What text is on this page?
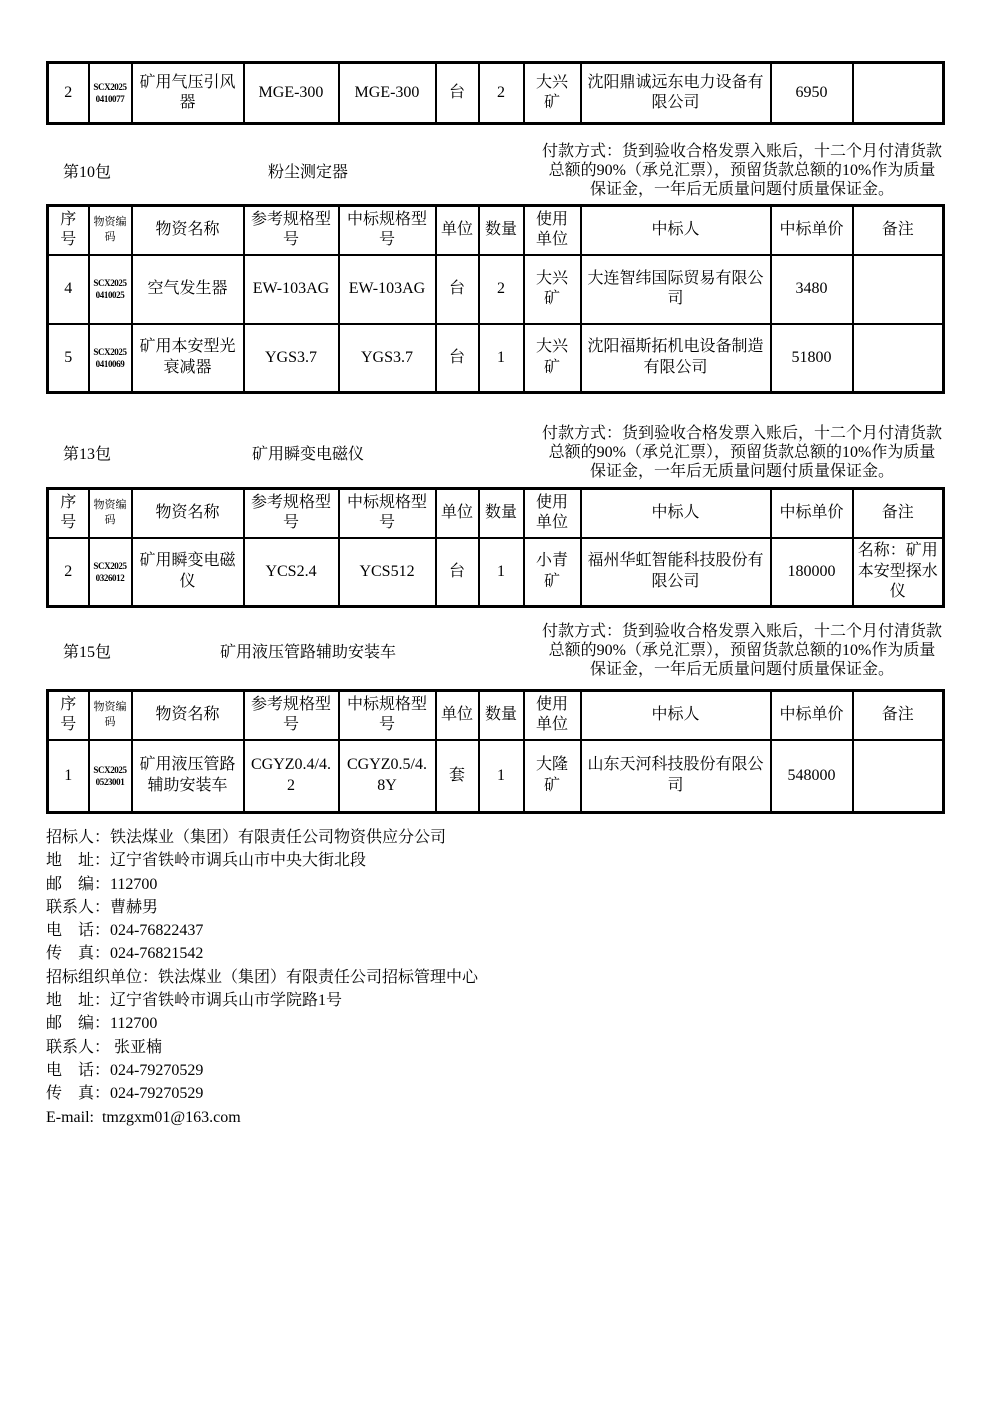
2	SCX2025 0410077	矿用气压引风器	MGE-300	MGE-300	台	2	大兴矿	沈阳鼎诚远东电力设备有限公司	6950	
第10包	粉尘测定器
付款方式：货到验收合格发票入账后，十二个月付清货款总额的90%（承兑汇票），预留货款总额的10%作为质量保证金，一年后无质量问题付质量保证金。
序号	物资编码	物资名称	参考规格型号	中标规格型号	单位	数量	使用单位	中标人	中标单价	备注
4	SCX2025 0410025	空气发生器	EW-103AG	EW-103AG	台	2	大兴矿	大连智纬国际贸易有限公司	3480	
5	SCX2025 0410069	矿用本安型光衰减器	YGS3.7	YGS3.7	台	1	大兴矿	沈阳福斯拓机电设备制造有限公司	51800	
第13包	矿用瞬变电磁仪
付款方式：货到验收合格发票入账后，十二个月付清货款总额的90%（承兑汇票），预留货款总额的10%作为质量保证金，一年后无质量问题付质量保证金。
序号	物资编码	物资名称	参考规格型号	中标规格型号	单位	数量	使用单位	中标人	中标单价	备注
2	SCX2025 0326012	矿用瞬变电磁仪	YCS2.4	YCS512	台	1	小青矿	福州华虹智能科技股份有限公司	180000	名称：矿用本安型探水仪
第15包	矿用液压管路辅助安装车
付款方式：货到验收合格发票入账后，十二个月付清货款总额的90%（承兑汇票），预留货款总额的10%作为质量保证金，一年后无质量问题付质量保证金。
序号	物资编码	物资名称	参考规格型号	中标规格型号	单位	数量	使用单位	中标人	中标单价	备注
1	SCX2025 0523001	矿用液压管路辅助安装车	CGYZ0.4/4.2	CGYZ0.5/4.8Y	套	1	大隆矿	山东天河科技股份有限公司	548000	
招标人：铁法煤业（集团）有限责任公司物资供应分公司
地　址：辽宁省铁岭市调兵山市中央大街北段
邮　编：112700
联系人：曹赫男
电　话：024-76822437
传　真：024-76821542
招标组织单位：铁法煤业（集团）有限责任公司招标管理中心
地　址：辽宁省铁岭市调兵山市学院路1号
邮　编：112700
联系人： 张亚楠
电　话：024-79270529
传　真：024-79270529
E-mail:  tmzgxm01@163.com
